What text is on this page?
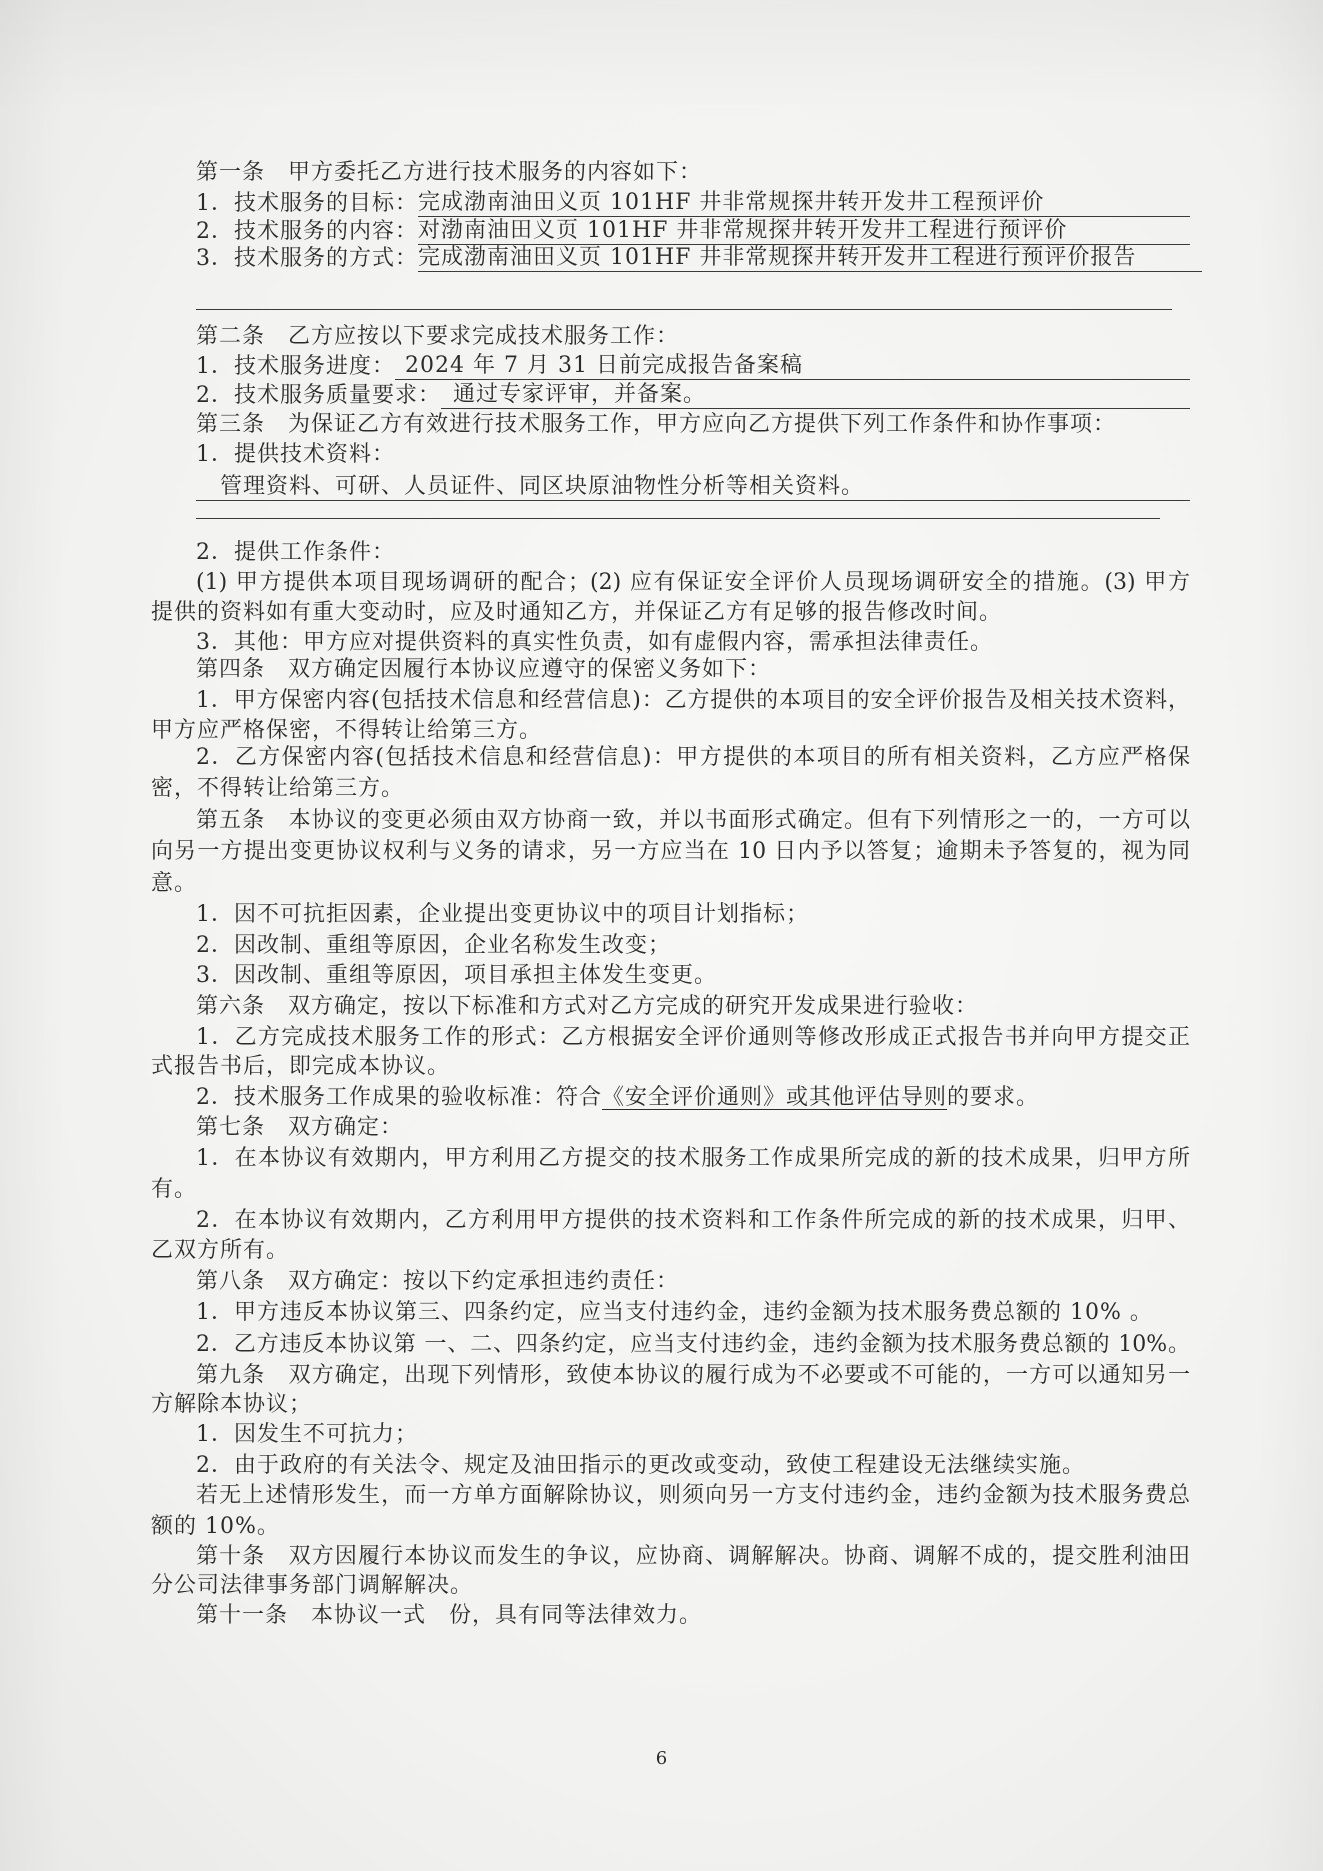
第一条　甲方委托乙方进行技术服务的内容如下：
1．技术服务的目标： 完成渤南油田义页 101HF 井非常规探井转开发井工程预评价
2．技术服务的内容： 对渤南油田义页 101HF 井非常规探井转开发井工程进行预评价
3．技术服务的方式： 完成渤南油田义页 101HF 井非常规探井转开发井工程进行预评价报告
第二条　乙方应按以下要求完成技术服务工作：
1．技术服务进度： 2024 年 7 月 31 日前完成报告备案稿
2．技术服务质量要求： 通过专家评审，并备案。
第三条　为保证乙方有效进行技术服务工作，甲方应向乙方提供下列工作条件和协作事项：
1．提供技术资料：
管理资料、可研、人员证件、同区块原油物性分析等相关资料。
2．提供工作条件：
(1) 甲方提供本项目现场调研的配合；(2) 应有保证安全评价人员现场调研安全的措施。(3) 甲方
提供的资料如有重大变动时，应及时通知乙方，并保证乙方有足够的报告修改时间。
3．其他：甲方应对提供资料的真实性负责，如有虚假内容，需承担法律责任。
第四条　双方确定因履行本协议应遵守的保密义务如下：
1．甲方保密内容(包括技术信息和经营信息)：乙方提供的本项目的安全评价报告及相关技术资料，
甲方应严格保密，不得转让给第三方。
2．乙方保密内容(包括技术信息和经营信息)：甲方提供的本项目的所有相关资料，乙方应严格保
密，不得转让给第三方。
第五条　本协议的变更必须由双方协商一致，并以书面形式确定。但有下列情形之一的，一方可以
向另一方提出变更协议权利与义务的请求，另一方应当在 10 日内予以答复；逾期未予答复的，视为同
意。
1．因不可抗拒因素，企业提出变更协议中的项目计划指标；
2．因改制、重组等原因，企业名称发生改变；
3．因改制、重组等原因，项目承担主体发生变更。
第六条　双方确定，按以下标准和方式对乙方完成的研究开发成果进行验收：
1．乙方完成技术服务工作的形式：乙方根据安全评价通则等修改形成正式报告书并向甲方提交正
式报告书后，即完成本协议。
2．技术服务工作成果的验收标准：符合《安全评价通则》或其他评估导则的要求。
第七条　双方确定：
1．在本协议有效期内，甲方利用乙方提交的技术服务工作成果所完成的新的技术成果，归甲方所
有。
2．在本协议有效期内，乙方利用甲方提供的技术资料和工作条件所完成的新的技术成果，归甲、
乙双方所有。
第八条　双方确定：按以下约定承担违约责任：
1．甲方违反本协议第三、四条约定，应当支付违约金，违约金额为技术服务费总额的 10% 。
2．乙方违反本协议第 一、二、四条约定，应当支付违约金，违约金额为技术服务费总额的 10%。
第九条　双方确定，出现下列情形，致使本协议的履行成为不必要或不可能的，一方可以通知另一
方解除本协议；
1．因发生不可抗力；
2．由于政府的有关法令、规定及油田指示的更改或变动，致使工程建设无法继续实施。
若无上述情形发生，而一方单方面解除协议，则须向另一方支付违约金，违约金额为技术服务费总
额的 10%。
第十条　双方因履行本协议而发生的争议，应协商、调解解决。协商、调解不成的，提交胜利油田
分公司法律事务部门调解解决。
第十一条　本协议一式　份，具有同等法律效力。
6
